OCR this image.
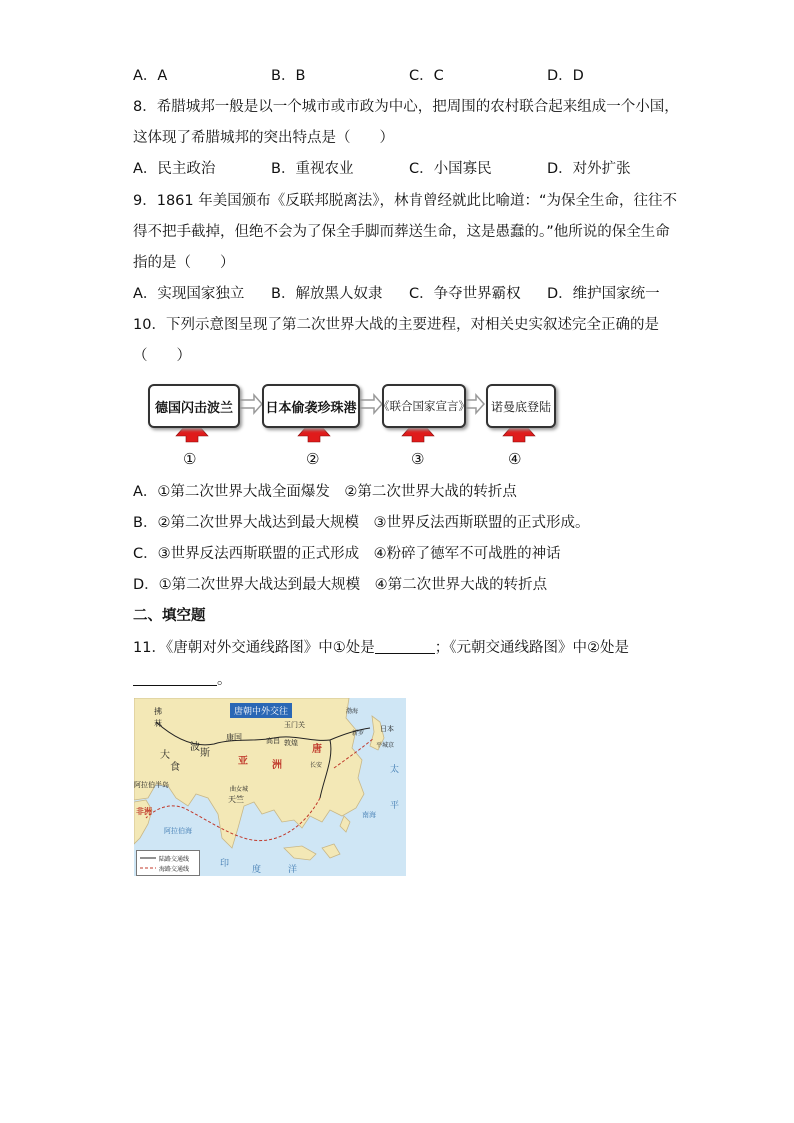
A．A	B．B	C．C	D．D
8．希腊城邦一般是以一个城市或市政为中心，把周围的农村联合起来组成一个小国，
这体现了希腊城邦的突出特点是（　　）
A．民主政治	B．重视农业	C．小国寡民	D．对外扩张
9．1861 年美国颁布《反联邦脱离法》，林肯曾经就此比喻道：“为保全生命，往往不
得不把手截掉，但绝不会为了保全手脚而葬送生命，这是愚蠢的。”他所说的保全生命
指的是（　　）
A．实现国家独立 B．解放黑人奴隶 C．争夺世界霸权 D．维护国家统一
10．下列示意图呈现了第二次世界大战的主要进程，对相关史实叙述完全正确的是
（　　）
德国闪击波兰	日本偷袭珍珠港	《联合国家宣言》	诺曼底登陆
①	②	③	④
A．①第二次世界大战全面爆发　②第二次世界大战的转折点
B．②第二次世界大战达到最大规模　③世界反法西斯联盟的正式形成。
C．③世界反法西斯联盟的正式形成　④粉碎了德军不可战胜的神话
D．①第二次世界大战达到最大规模　④第二次世界大战的转折点
二、填空题
11．《唐朝对外交通线路图》中①处是	；《元朝交通线路图》中②处是
。
唐朝中外交往
拂
菻
大
波
斯
食
康国
亚 洲
玉门关
敦煌
高昌
唐
阿拉伯半岛
非洲
天竺
日本
平城京
太
平
南海
印
度	洋
渤海
长安
新罗
阿拉伯海
曲女城
陆路交通线
海路交通线
